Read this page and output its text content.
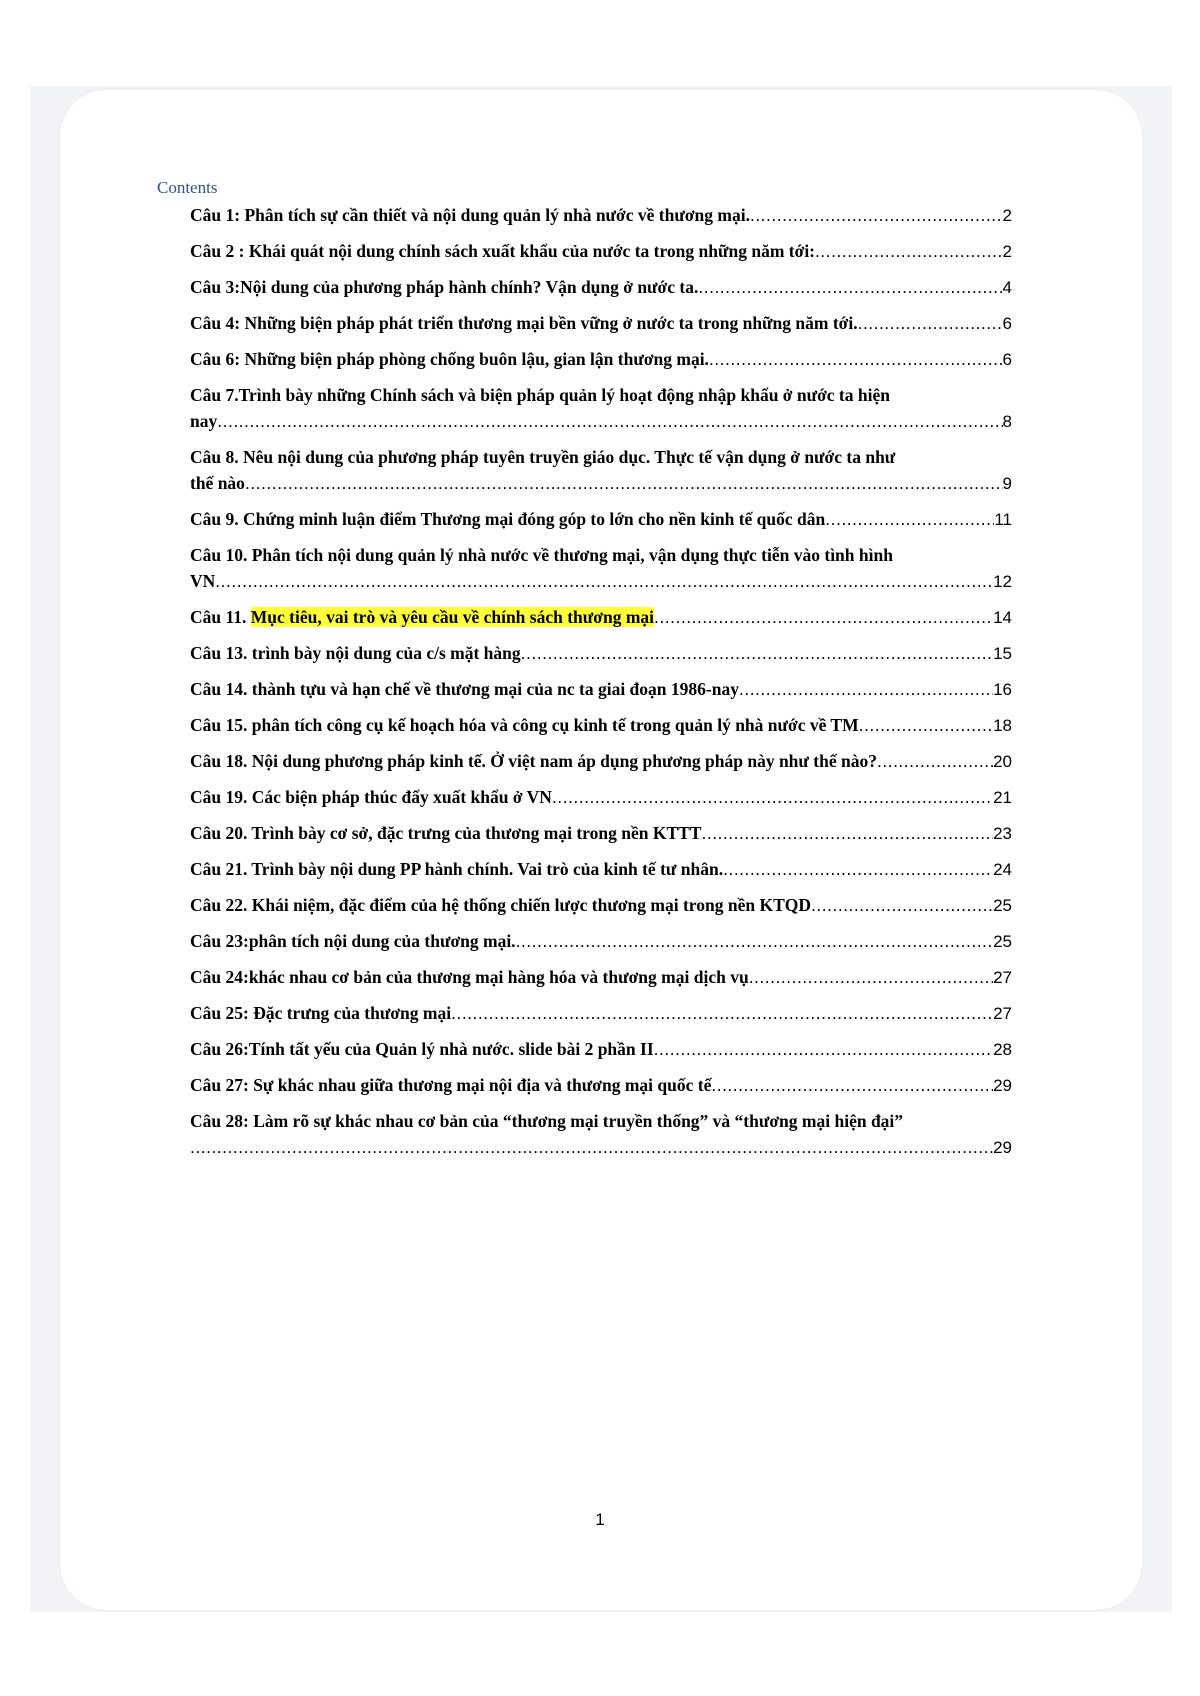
Contents
Câu 1: Phân tích sự cần thiết và nội dung quản lý nhà nước về thương mại. .....	2
Câu 2 : Khái quát nội dung chính sách xuất khẩu của nước ta trong những năm tới: .....	2
Câu 3:Nội dung của phương pháp hành chính? Vận dụng ở nước ta. .....	4
Câu 4: Những biện pháp phát triển thương mại bền vững ở nước ta trong những năm tới. .....	6
Câu 6: Những biện pháp phòng chống buôn lậu, gian lận thương mại. .....	6
Câu 7.Trình bày những Chính sách và biện pháp quản lý hoạt động nhập khẩu ở nước ta hiện
nay .....	8
Câu 8. Nêu nội dung của phương pháp tuyên truyền giáo dục. Thực tế vận dụng ở nước ta như
thế nào .....	9
Câu 9. Chứng minh luận điểm Thương mại đóng góp to lớn cho nền kinh tế quốc dân .....	11
Câu 10. Phân tích nội dung quản lý nhà nước về thương mại, vận dụng thực tiễn vào tình hình
VN .....	12
Câu 11. Mục tiêu, vai trò và yêu cầu về chính sách thương mại .....	14
Câu 13. trình bày nội dung của c/s mặt hàng .....	15
Câu 14. thành tựu và hạn chế về thương mại của nc ta giai đoạn 1986-nay .....	16
Câu 15. phân tích công cụ kế hoạch hóa và công cụ kinh tế trong quản lý nhà nước về TM .....	18
Câu 18. Nội dung phương pháp kinh tế. Ở việt nam áp dụng phương pháp này như thế nào? .....	20
Câu 19. Các biện pháp thúc đẩy xuất khẩu ở VN .....	21
Câu 20. Trình bày cơ sở, đặc trưng của thương mại trong nền KTTT .....	23
Câu 21. Trình bày nội dung PP hành chính. Vai trò của kinh tế tư nhân. .....	24
Câu 22. Khái niệm, đặc điểm của hệ thống chiến lược thương mại trong nền KTQD .....	25
Câu 23:phân tích nội dung của thương mại. .....	25
Câu 24:khác nhau cơ bản của thương mại hàng hóa và thương mại dịch vụ .....	27
Câu 25: Đặc trưng của thương mại .....	27
Câu 26:Tính tất yếu của Quản lý nhà nước. slide bài 2 phần II .....	28
Câu 27: Sự khác nhau giữa thương mại nội địa và thương mại quốc tế .....	29
Câu 28: Làm rõ sự khác nhau cơ bản của “thương mại truyền thống” và “thương mại hiện đại”
.....
29
1
